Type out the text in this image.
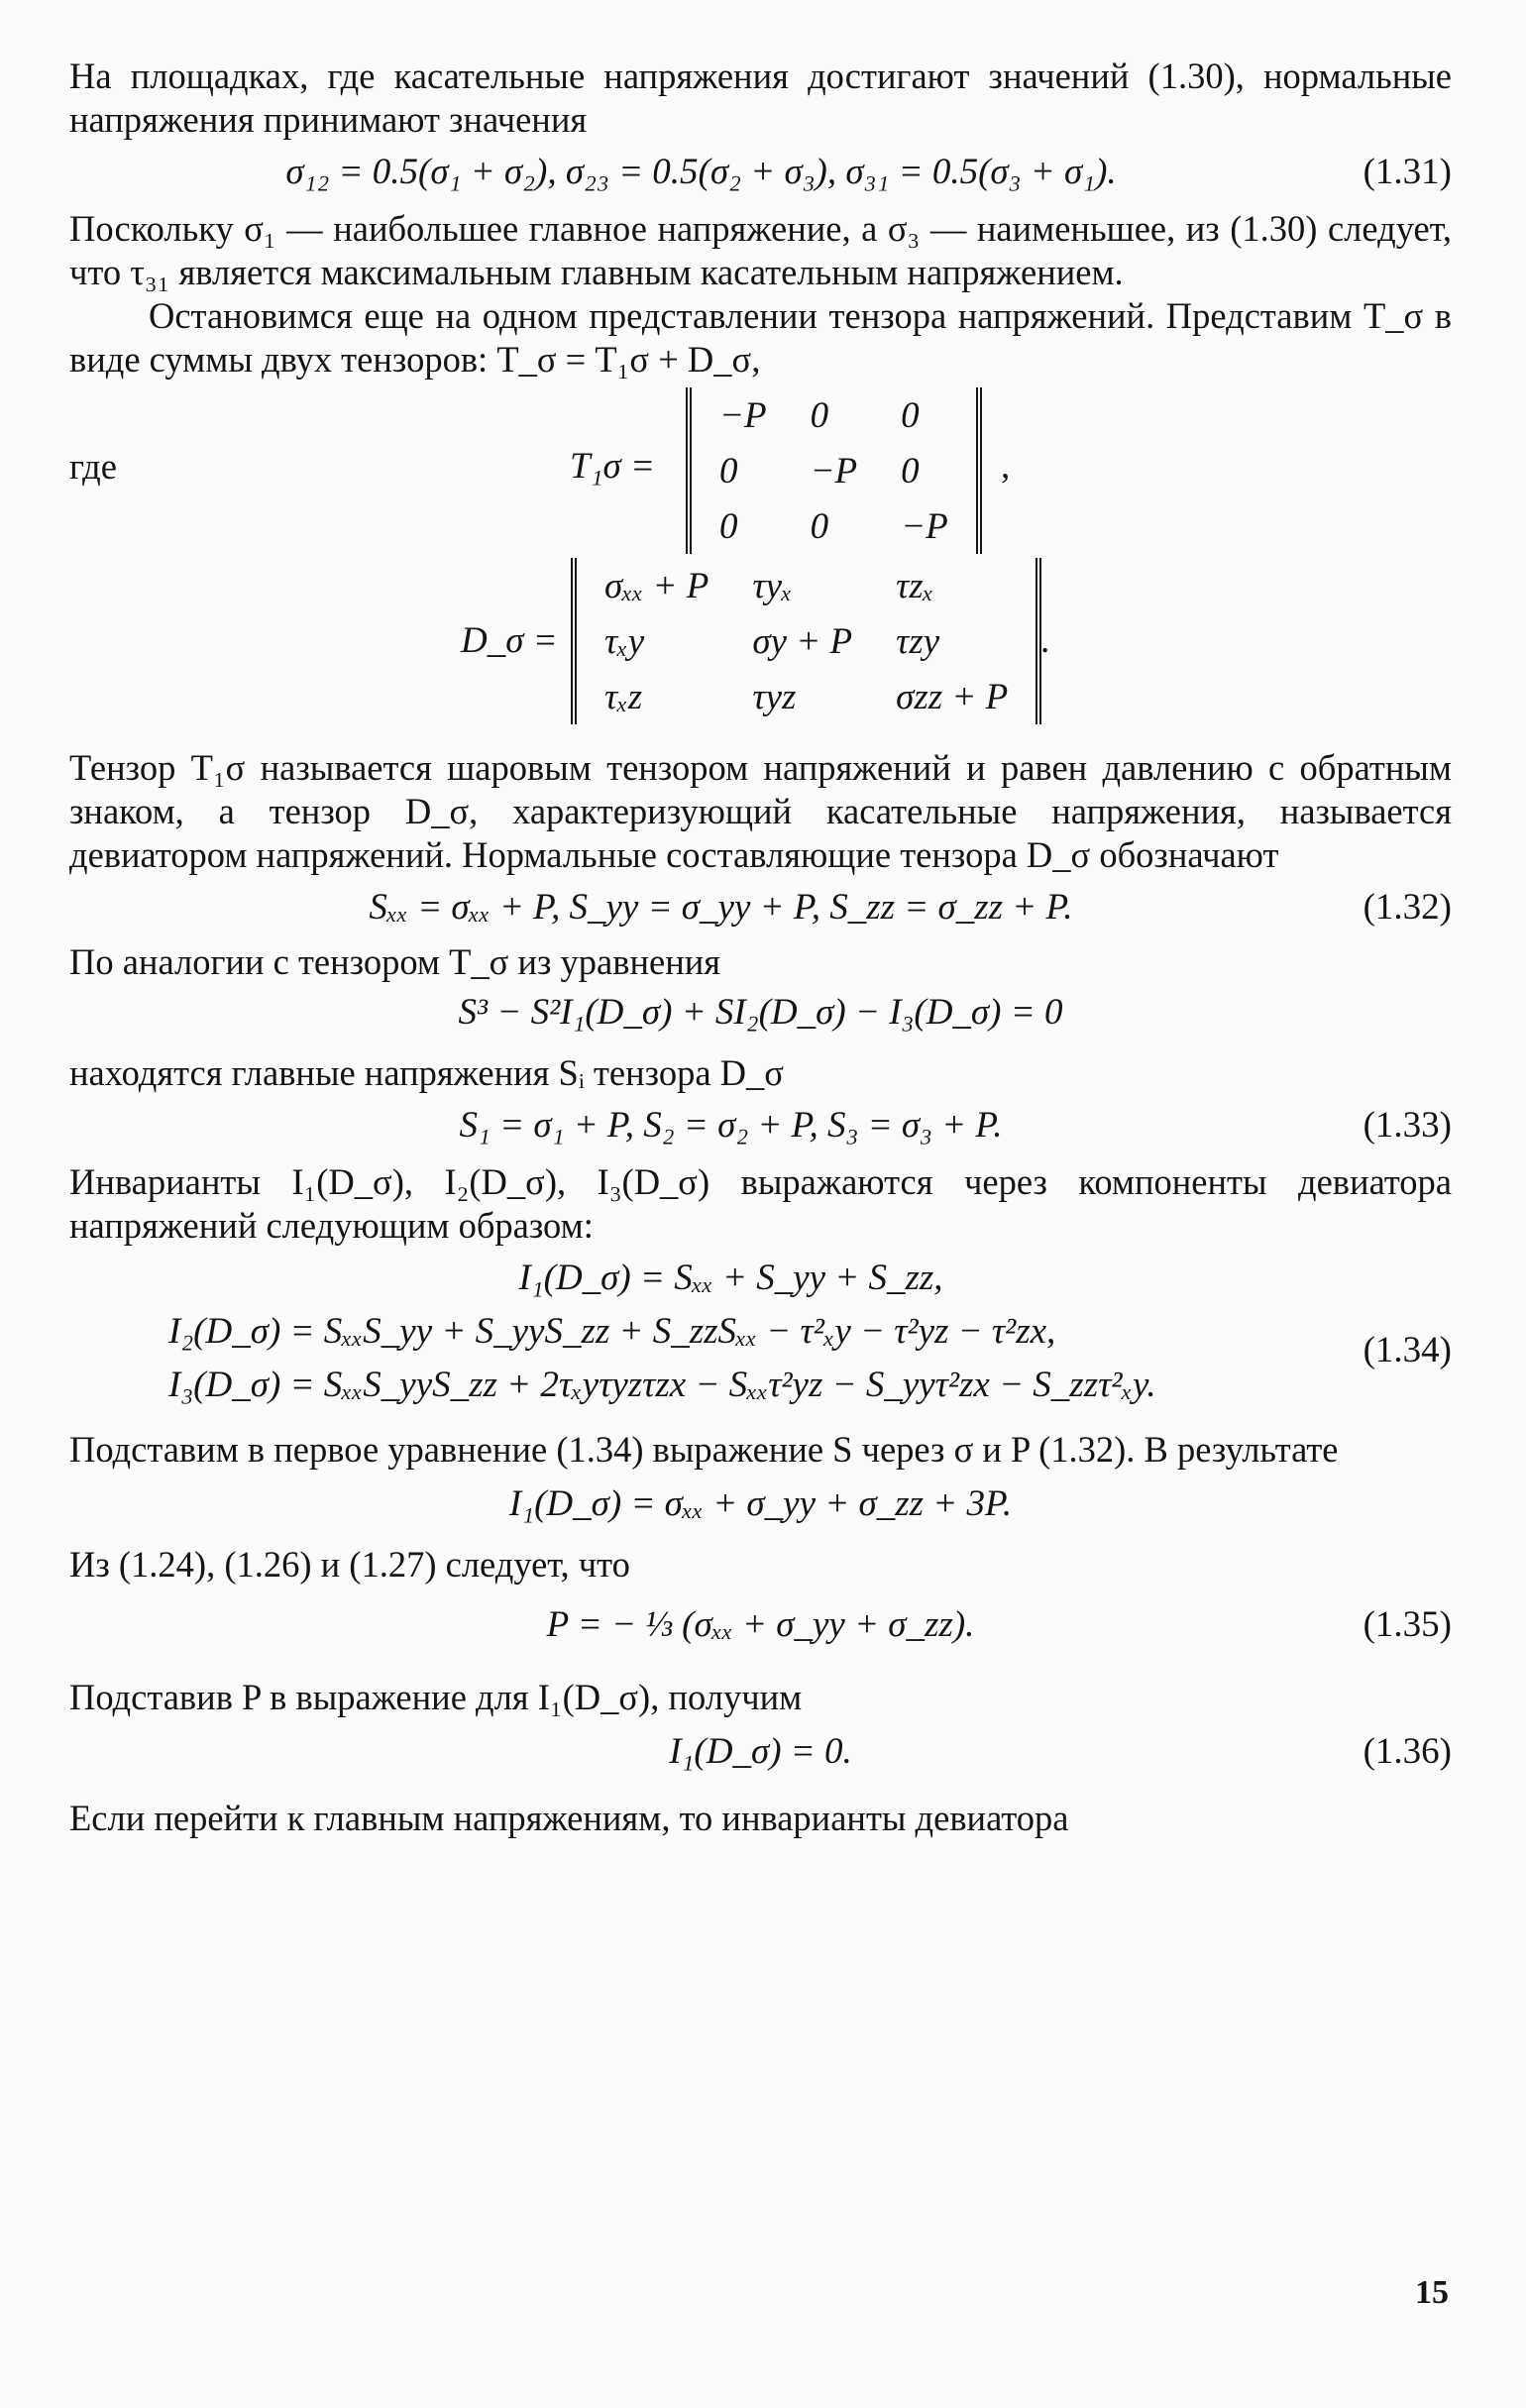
На площадках, где касательные напряжения достигают значений (1.30), нормальные напряжения принимают значения

σ₁₂ = 0.5(σ₁ + σ₂), σ₂₃ = 0.5(σ₂ + σ₃), σ₃₁ = 0.5(σ₃ + σ₁).	(1.31)

Поскольку σ₁ — наибольшее главное напряжение, а σ₃ — наименьшее, из (1.30) следует, что τ₃₁ является максимальным главным касательным напряжением.

Остановимся еще на одном представлении тензора напряжений. Представим T_σ в виде суммы двух тензоров: T_σ = T₁σ + D_σ,

где	T₁σ =
−P	0	0
0	−P	0
0	0	−P
,
D_σ =
σₓₓ + P	τyₓ	τzₓ
τₓy	σy + P	τzy
τₓz	τyz	σzz + P
.

Тензор T₁σ называется шаровым тензором напряжений и равен давлению с обратным знаком, а тензор D_σ, характеризующий касательные напряжения, называется девиатором напряжений. Нормальные составляющие тензора D_σ обозначают

Sₓₓ = σₓₓ + P, S_yy = σ_yy + P, S_zz = σ_zz + P.	(1.32)

По аналогии с тензором T_σ из уравнения

S³ − S²I₁(D_σ) + SI₂(D_σ) − I₃(D_σ) = 0

находятся главные напряжения Sᵢ тензора D_σ

S₁ = σ₁ + P, S₂ = σ₂ + P, S₃ = σ₃ + P.	(1.33)

Инварианты I₁(D_σ), I₂(D_σ), I₃(D_σ) выражаются через компоненты девиатора напряжений следующим образом:

I₁(D_σ) = Sₓₓ + S_yy + S_zz,
I₂(D_σ) = SₓₓS_yy + S_yyS_zz + S_zzSₓₓ − τ²ₓy − τ²yz − τ²zx,
I₃(D_σ) = SₓₓS_yyS_zz + 2τₓyτyzτzx − Sₓₓτ²yz − S_yyτ²zx − S_zzτ²ₓy.
(1.34)

Подставим в первое уравнение (1.34) выражение S через σ и P (1.32). В результате

I₁(D_σ) = σₓₓ + σ_yy + σ_zz + 3P.

Из (1.24), (1.26) и (1.27) следует, что

P = − ⅓ (σₓₓ + σ_yy + σ_zz).	(1.35)

Подставив P в выражение для I₁(D_σ), получим

I₁(D_σ) = 0.	(1.36)

Если перейти к главным напряжениям, то инварианты девиатора

15
